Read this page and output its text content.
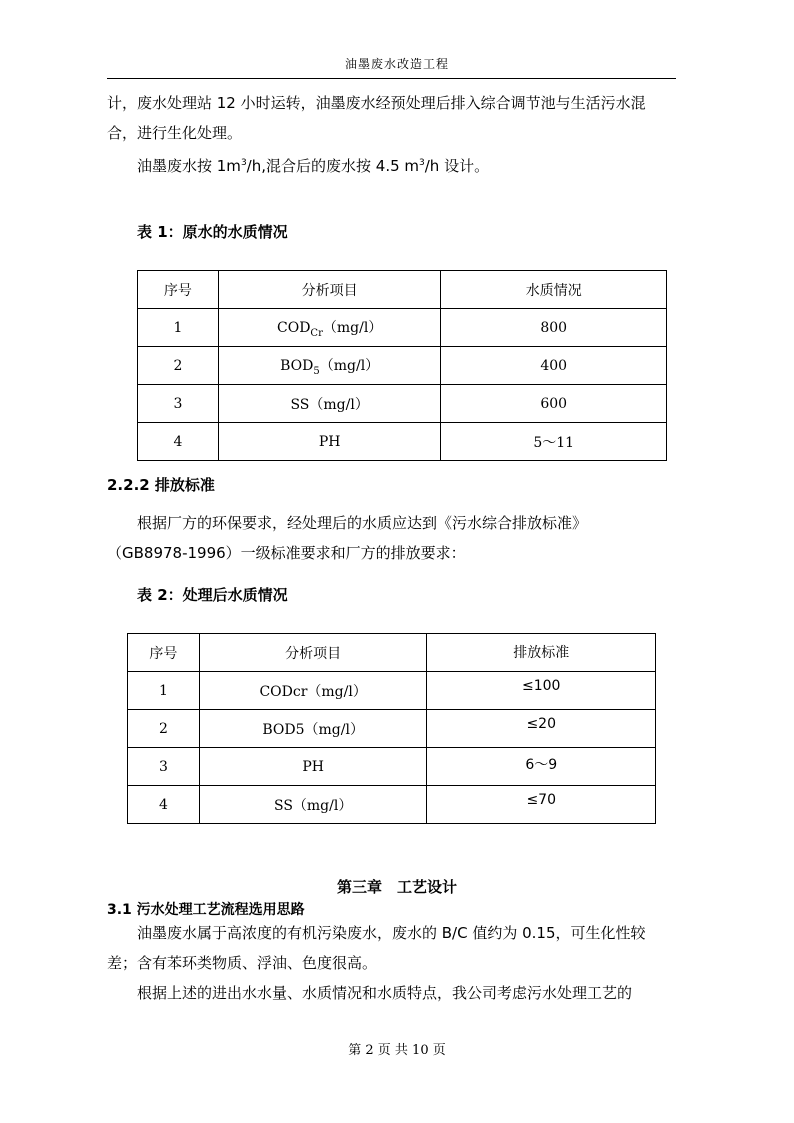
油墨废水改造工程
计，废水处理站 12 小时运转，油墨废水经预处理后排入综合调节池与生活污水混
合，进行生化处理。
油墨废水按 $1m^3/h$,混合后的废水按 4.5 $m^3/h$ 设计。
表 1：原水的水质情况
序号	分析项目	水质情况
1	$COD_{Cr}(mg/l)$	800
2	$BOD_5(mg/l)$	400
3	SS（mg/l）	600
4	PH	5～11
2.2.2 排放标准
根据厂方的环保要求，经处理后的水质应达到《污水综合排放标准》
（GB8978-1996）一级标准要求和厂方的排放要求：
表 2：处理后水质情况
序号	分析项目	排放标准
1	CODcr（mg/l）	≤100
2	BOD5（mg/l）	≤20
3	PH	6～9
4	SS（mg/l）	≤70
第三章　工艺设计
3.1 污水处理工艺流程选用思路
油墨废水属于高浓度的有机污染废水，废水的 B/C 值约为 0.15，可生化性较
差；含有苯环类物质、浮油、色度很高。
根据上述的进出水水量、水质情况和水质特点，我公司考虑污水处理工艺的
第 2 页 共 10 页
